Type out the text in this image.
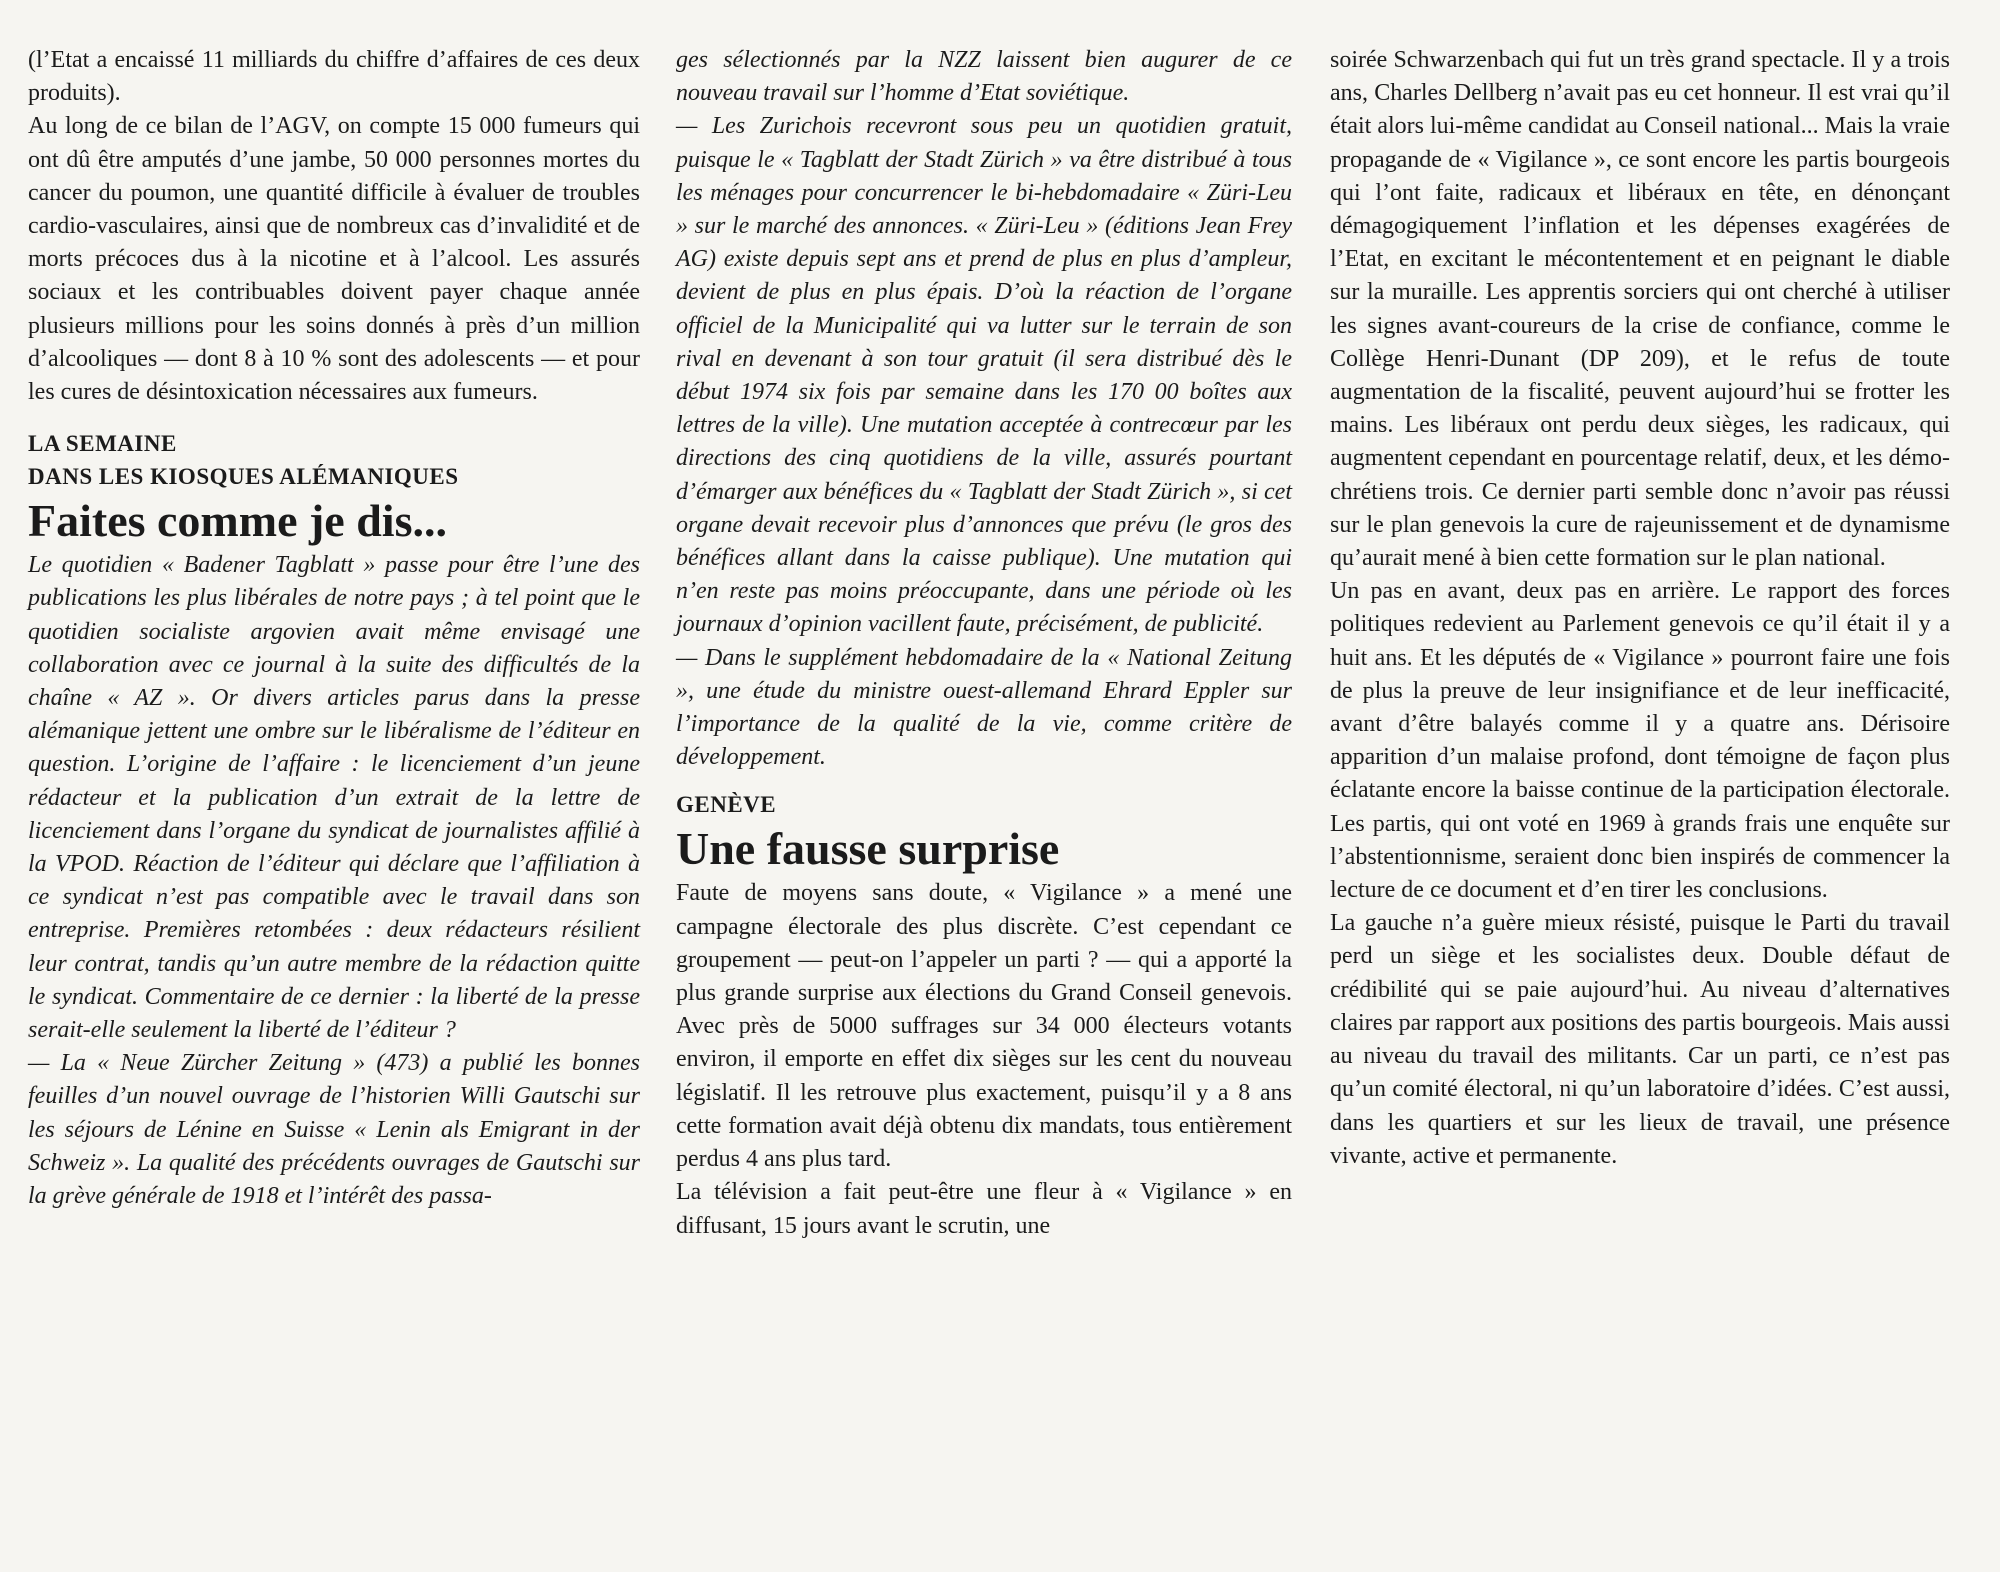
(l’Etat a encaissé 11 milliards du chiffre d’affaires de ces deux produits).

Au long de ce bilan de l’AGV, on compte 15 000 fumeurs qui ont dû être amputés d’une jambe, 50 000 personnes mortes du cancer du poumon, une quantité difficile à évaluer de troubles cardio-vasculaires, ainsi que de nombreux cas d’invalidité et de morts précoces dus à la nicotine et à l’alcool. Les assurés sociaux et les contribuables doivent payer chaque année plusieurs millions pour les soins donnés à près d’un million d’alcooliques — dont 8 à 10 % sont des adolescents — et pour les cures de désintoxication nécessaires aux fumeurs.

LA SEMAINE
DANS LES KIOSQUES ALÉMANIQUES
Faites comme je dis...

Le quotidien « Badener Tagblatt » passe pour être l’une des publications les plus libérales de notre pays ; à tel point que le quotidien socialiste argovien avait même envisagé une collaboration avec ce journal à la suite des difficultés de la chaîne « AZ ». Or divers articles parus dans la presse alémanique jettent une ombre sur le libéralisme de l’éditeur en question. L’origine de l’affaire : le licenciement d’un jeune rédacteur et la publication d’un extrait de la lettre de licenciement dans l’organe du syndicat de journalistes affilié à la VPOD. Réaction de l’éditeur qui déclare que l’affiliation à ce syndicat n’est pas compatible avec le travail dans son entreprise. Premières retombées : deux rédacteurs résilient leur contrat, tandis qu’un autre membre de la rédaction quitte le syndicat. Commentaire de ce dernier : la liberté de la presse serait-elle seulement la liberté de l’éditeur ?

— La « Neue Zürcher Zeitung » (473) a publié les bonnes feuilles d’un nouvel ouvrage de l’historien Willi Gautschi sur les séjours de Lénine en Suisse « Lenin als Emigrant in der Schweiz ». La qualité des précédents ouvrages de Gautschi sur la grève générale de 1918 et l’intérêt des passa-

ges sélectionnés par la NZZ laissent bien augurer de ce nouveau travail sur l’homme d’Etat soviétique.

— Les Zurichois recevront sous peu un quotidien gratuit, puisque le « Tagblatt der Stadt Zürich » va être distribué à tous les ménages pour concurrencer le bi-hebdomadaire « Züri-Leu » sur le marché des annonces. « Züri-Leu » (éditions Jean Frey AG) existe depuis sept ans et prend de plus en plus d’ampleur, devient de plus en plus épais. D’où la réaction de l’organe officiel de la Municipalité qui va lutter sur le terrain de son rival en devenant à son tour gratuit (il sera distribué dès le début 1974 six fois par semaine dans les 170 00 boîtes aux lettres de la ville). Une mutation acceptée à contrecœur par les directions des cinq quotidiens de la ville, assurés pourtant d’émarger aux bénéfices du « Tagblatt der Stadt Zürich », si cet organe devait recevoir plus d’annonces que prévu (le gros des bénéfices allant dans la caisse publique). Une mutation qui n’en reste pas moins préoccupante, dans une période où les journaux d’opinion vacillent faute, précisément, de publicité.

— Dans le supplément hebdomadaire de la « National Zeitung », une étude du ministre ouest-allemand Ehrard Eppler sur l’importance de la qualité de la vie, comme critère de développement.

GENÈVE
Une fausse surprise

Faute de moyens sans doute, « Vigilance » a mené une campagne électorale des plus discrète. C’est cependant ce groupement — peut-on l’appeler un parti ? — qui a apporté la plus grande surprise aux élections du Grand Conseil genevois. Avec près de 5000 suffrages sur 34 000 électeurs votants environ, il emporte en effet dix sièges sur les cent du nouveau législatif. Il les retrouve plus exactement, puisqu’il y a 8 ans cette formation avait déjà obtenu dix mandats, tous entièrement perdus 4 ans plus tard.

La télévision a fait peut-être une fleur à « Vigilance » en diffusant, 15 jours avant le scrutin, une

soirée Schwarzenbach qui fut un très grand spectacle. Il y a trois ans, Charles Dellberg n’avait pas eu cet honneur. Il est vrai qu’il était alors lui-même candidat au Conseil national... Mais la vraie propagande de « Vigilance », ce sont encore les partis bourgeois qui l’ont faite, radicaux et libéraux en tête, en dénonçant démagogiquement l’inflation et les dépenses exagérées de l’Etat, en excitant le mécontentement et en peignant le diable sur la muraille. Les apprentis sorciers qui ont cherché à utiliser les signes avant-coureurs de la crise de confiance, comme le Collège Henri-Dunant (DP 209), et le refus de toute augmentation de la fiscalité, peuvent aujourd’hui se frotter les mains. Les libéraux ont perdu deux sièges, les radicaux, qui augmentent cependant en pourcentage relatif, deux, et les démo-chrétiens trois. Ce dernier parti semble donc n’avoir pas réussi sur le plan genevois la cure de rajeunissement et de dynamisme qu’aurait mené à bien cette formation sur le plan national.

Un pas en avant, deux pas en arrière. Le rapport des forces politiques redevient au Parlement genevois ce qu’il était il y a huit ans. Et les députés de « Vigilance » pourront faire une fois de plus la preuve de leur insignifiance et de leur inefficacité, avant d’être balayés comme il y a quatre ans. Dérisoire apparition d’un malaise profond, dont témoigne de façon plus éclatante encore la baisse continue de la participation électorale. Les partis, qui ont voté en 1969 à grands frais une enquête sur l’abstentionnisme, seraient donc bien inspirés de commencer la lecture de ce document et d’en tirer les conclusions.

La gauche n’a guère mieux résisté, puisque le Parti du travail perd un siège et les socialistes deux. Double défaut de crédibilité qui se paie aujourd’hui. Au niveau d’alternatives claires par rapport aux positions des partis bourgeois. Mais aussi au niveau du travail des militants. Car un parti, ce n’est pas qu’un comité électoral, ni qu’un laboratoire d’idées. C’est aussi, dans les quartiers et sur les lieux de travail, une présence vivante, active et permanente.
